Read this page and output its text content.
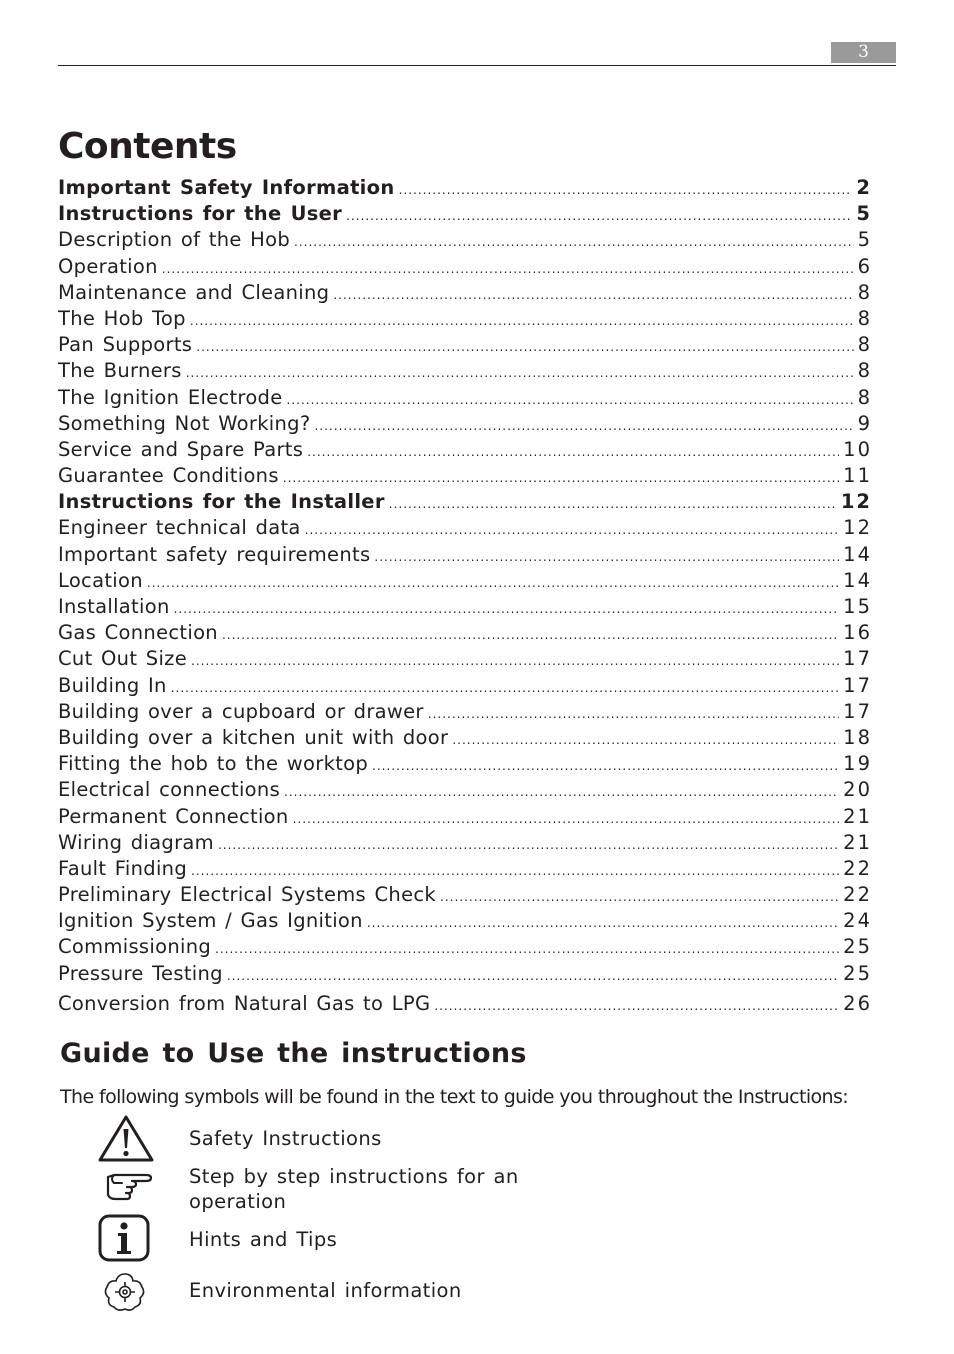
3
Contents
Important Safety Information .....	2
Instructions for the User .....	5
Description of the Hob .....	5
Operation .....	6
Maintenance and Cleaning .....	8
The Hob Top .....	8
Pan Supports .....	8
The Burners .....	8
The Ignition Electrode .....	8
Something Not Working? .....	9
Service and Spare Parts .....	10
Guarantee Conditions .....	11
Instructions for the Installer .....	12
Engineer technical data .....	12
Important safety requirements .....	14
Location .....	14
Installation .....	15
Gas Connection .....	16
Cut Out Size .....	17
Building In .....	17
Building over a cupboard or drawer .....	17
Building over a kitchen unit with door .....	18
Fitting the hob to the worktop .....	19
Electrical connections .....	20
Permanent Connection .....	21
Wiring diagram .....	21
Fault Finding .....	22
Preliminary Electrical Systems Check .....	22
Ignition System / Gas Ignition .....	24
Commissioning .....	25
Pressure Testing .....	25
Conversion from Natural Gas to LPG .....	26
Guide to Use the instructions

The following symbols will be found in the text to guide you throughout the Instructions:

Safety Instructions
Step by step instructions for an operation
Hints and Tips
Environmental information
